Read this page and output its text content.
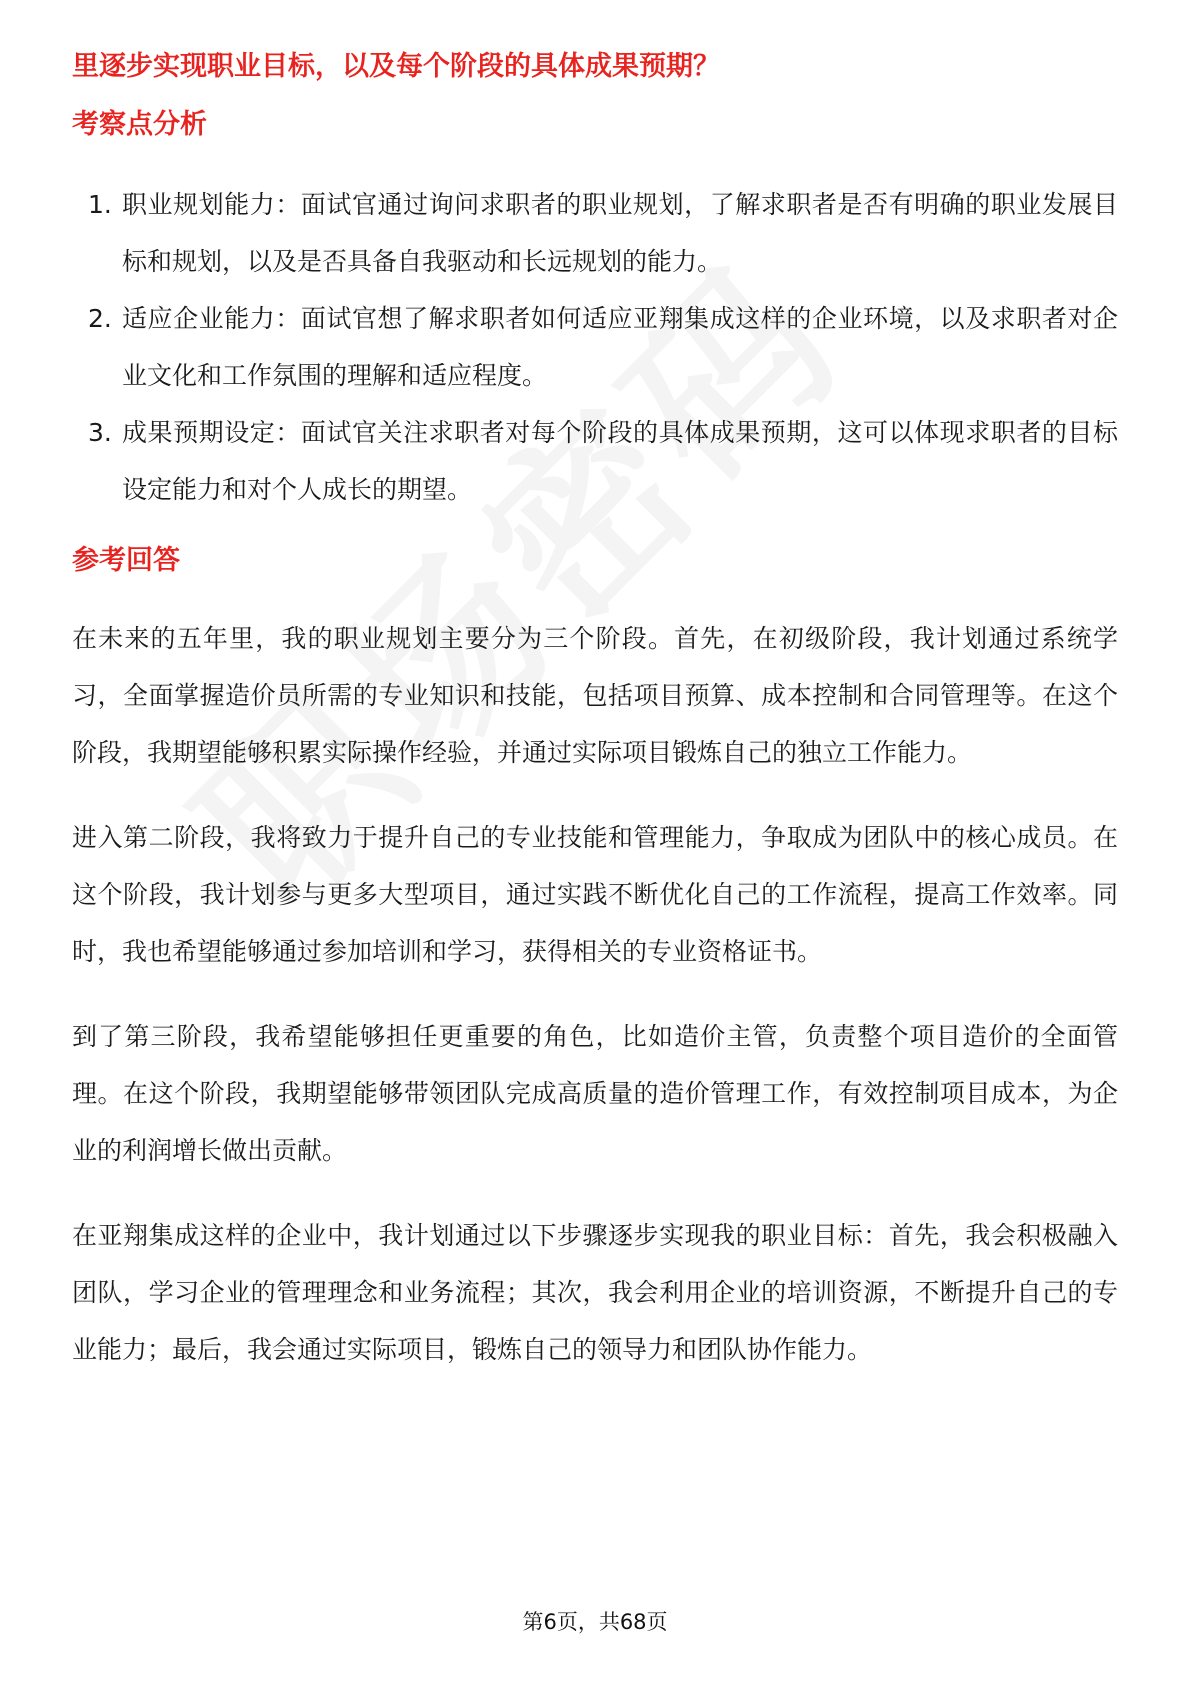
里逐步实现职业目标，以及每个阶段的具体成果预期？

考察点分析
1. 职业规划能力：面试官通过询问求职者的职业规划，了解求职者是否有明确的职业发展目标和规划，以及是否具备自我驱动和长远规划的能力。
2. 适应企业能力：面试官想了解求职者如何适应亚翔集成这样的企业环境，以及求职者对企业文化和工作氛围的理解和适应程度。
3. 成果预期设定：面试官关注求职者对每个阶段的具体成果预期，这可以体现求职者的目标设定能力和对个人成长的期望。
参考回答

在未来的五年里，我的职业规划主要分为三个阶段。首先，在初级阶段，我计划通过系统学习，全面掌握造价员所需的专业知识和技能，包括项目预算、成本控制和合同管理等。在这个阶段，我期望能够积累实际操作经验，并通过实际项目锻炼自己的独立工作能力。

进入第二阶段，我将致力于提升自己的专业技能和管理能力，争取成为团队中的核心成员。在这个阶段，我计划参与更多大型项目，通过实践不断优化自己的工作流程，提高工作效率。同时，我也希望能够通过参加培训和学习，获得相关的专业资格证书。

到了第三阶段，我希望能够担任更重要的角色，比如造价主管，负责整个项目造价的全面管理。在这个阶段，我期望能够带领团队完成高质量的造价管理工作，有效控制项目成本，为企业的利润增长做出贡献。

在亚翔集成这样的企业中，我计划通过以下步骤逐步实现我的职业目标：首先，我会积极融入团队，学习企业的管理理念和业务流程；其次，我会利用企业的培训资源，不断提升自己的专业能力；最后，我会通过实际项目，锻炼自己的领导力和团队协作能力。

第6页，共68页
